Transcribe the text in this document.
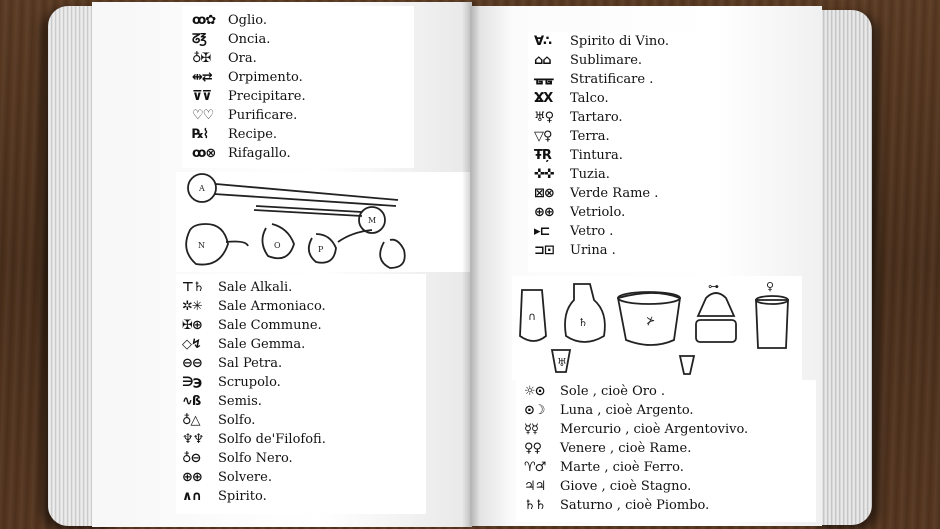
ꝏ✿ Oglio.
ᘔ℥	Oncia.
♁✠	Ora.
⇹⇄	Orpimento.
⊽⊽	Precipitare.
♡♡	Purificare.
℞⌇	Recipe.
ꝏ⊗ Rifagallo.
A
M
N	O	P
⊤♄	Sale Alkali.
✲✳	Sale Armoniaco.
✠⊕	Sale Commune.
◇↯	Sale Gemma.
⊖⊖	Sal Petra.
∋℈	Scrupolo.
∿ß	Semis.
♁△	Solfo.
♆♆	Solfo de'Filofofi.
♁⊖	Solfo Nero.
⊕⊕	Solvere.
∧∩	Spirito.
∀∴	Spirito di Vino.
⌂⌂	Sublimare.
ᚗᚗ	Stratificare .
ϪX	Talco.
♅♀	Tartaro.
▽♀	Terra.
ŦŖ	Tintura.
✜✜	Tuzia.
⊠⊗	Verde Rame .
⊕⊕	Vetriolo.
▸⊏	Vetro .
⊐⊡	Urina .
∩	♄	⊁
⊶	♀
♅
☼⊙	Sole , cioè Oro .
⊙☽	Luna , cioè Argento.
☿☿	Mercurio , cioè Argentovivo.
♀♀	Venere , cioè Rame.
♈♂	Marte , cioè Ferro.
♃♃	Giove , cioè Stagno.
♄♄	Saturno , cioè Piombo.
